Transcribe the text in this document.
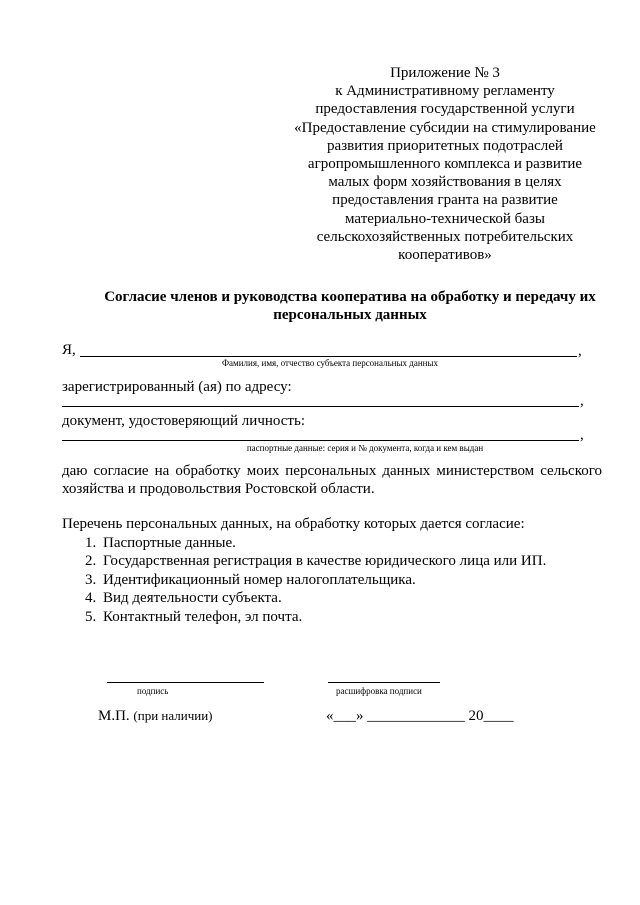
Приложение № 3
к Административному регламенту
предоставления государственной услуги
«Предоставление субсидии на стимулирование
развития приоритетных подотраслей
агропромышленного комплекса и развитие
малых форм хозяйствования в целях
предоставления гранта на развитие
материально-технической базы
сельскохозяйственных потребительских
кооперативов»
Согласие членов и руководства кооператива на обработку и передачу их
персональных данных
Я,	,
Фамилия, имя, отчество субъекта персональных данных
зарегистрированный (ая) по адресу:
,
документ, удостоверяющий личность:
,
паспортные данные: серия и № документа, когда и кем выдан
даю согласие на обработку моих персональных данных министерством сельского
хозяйства и продовольствия Ростовской области.
Перечень персональных данных, на обработку которых дается согласие:
1. Паспортные данные.
2. Государственная регистрация в качестве юридического лица или ИП.
3. Идентификационный номер налогоплательщика.
4. Вид деятельности субъекта.
5. Контактный телефон, эл почта.
подпись	расшифровка подписи
М.П. (при наличии)	«___» _____________ 20____
